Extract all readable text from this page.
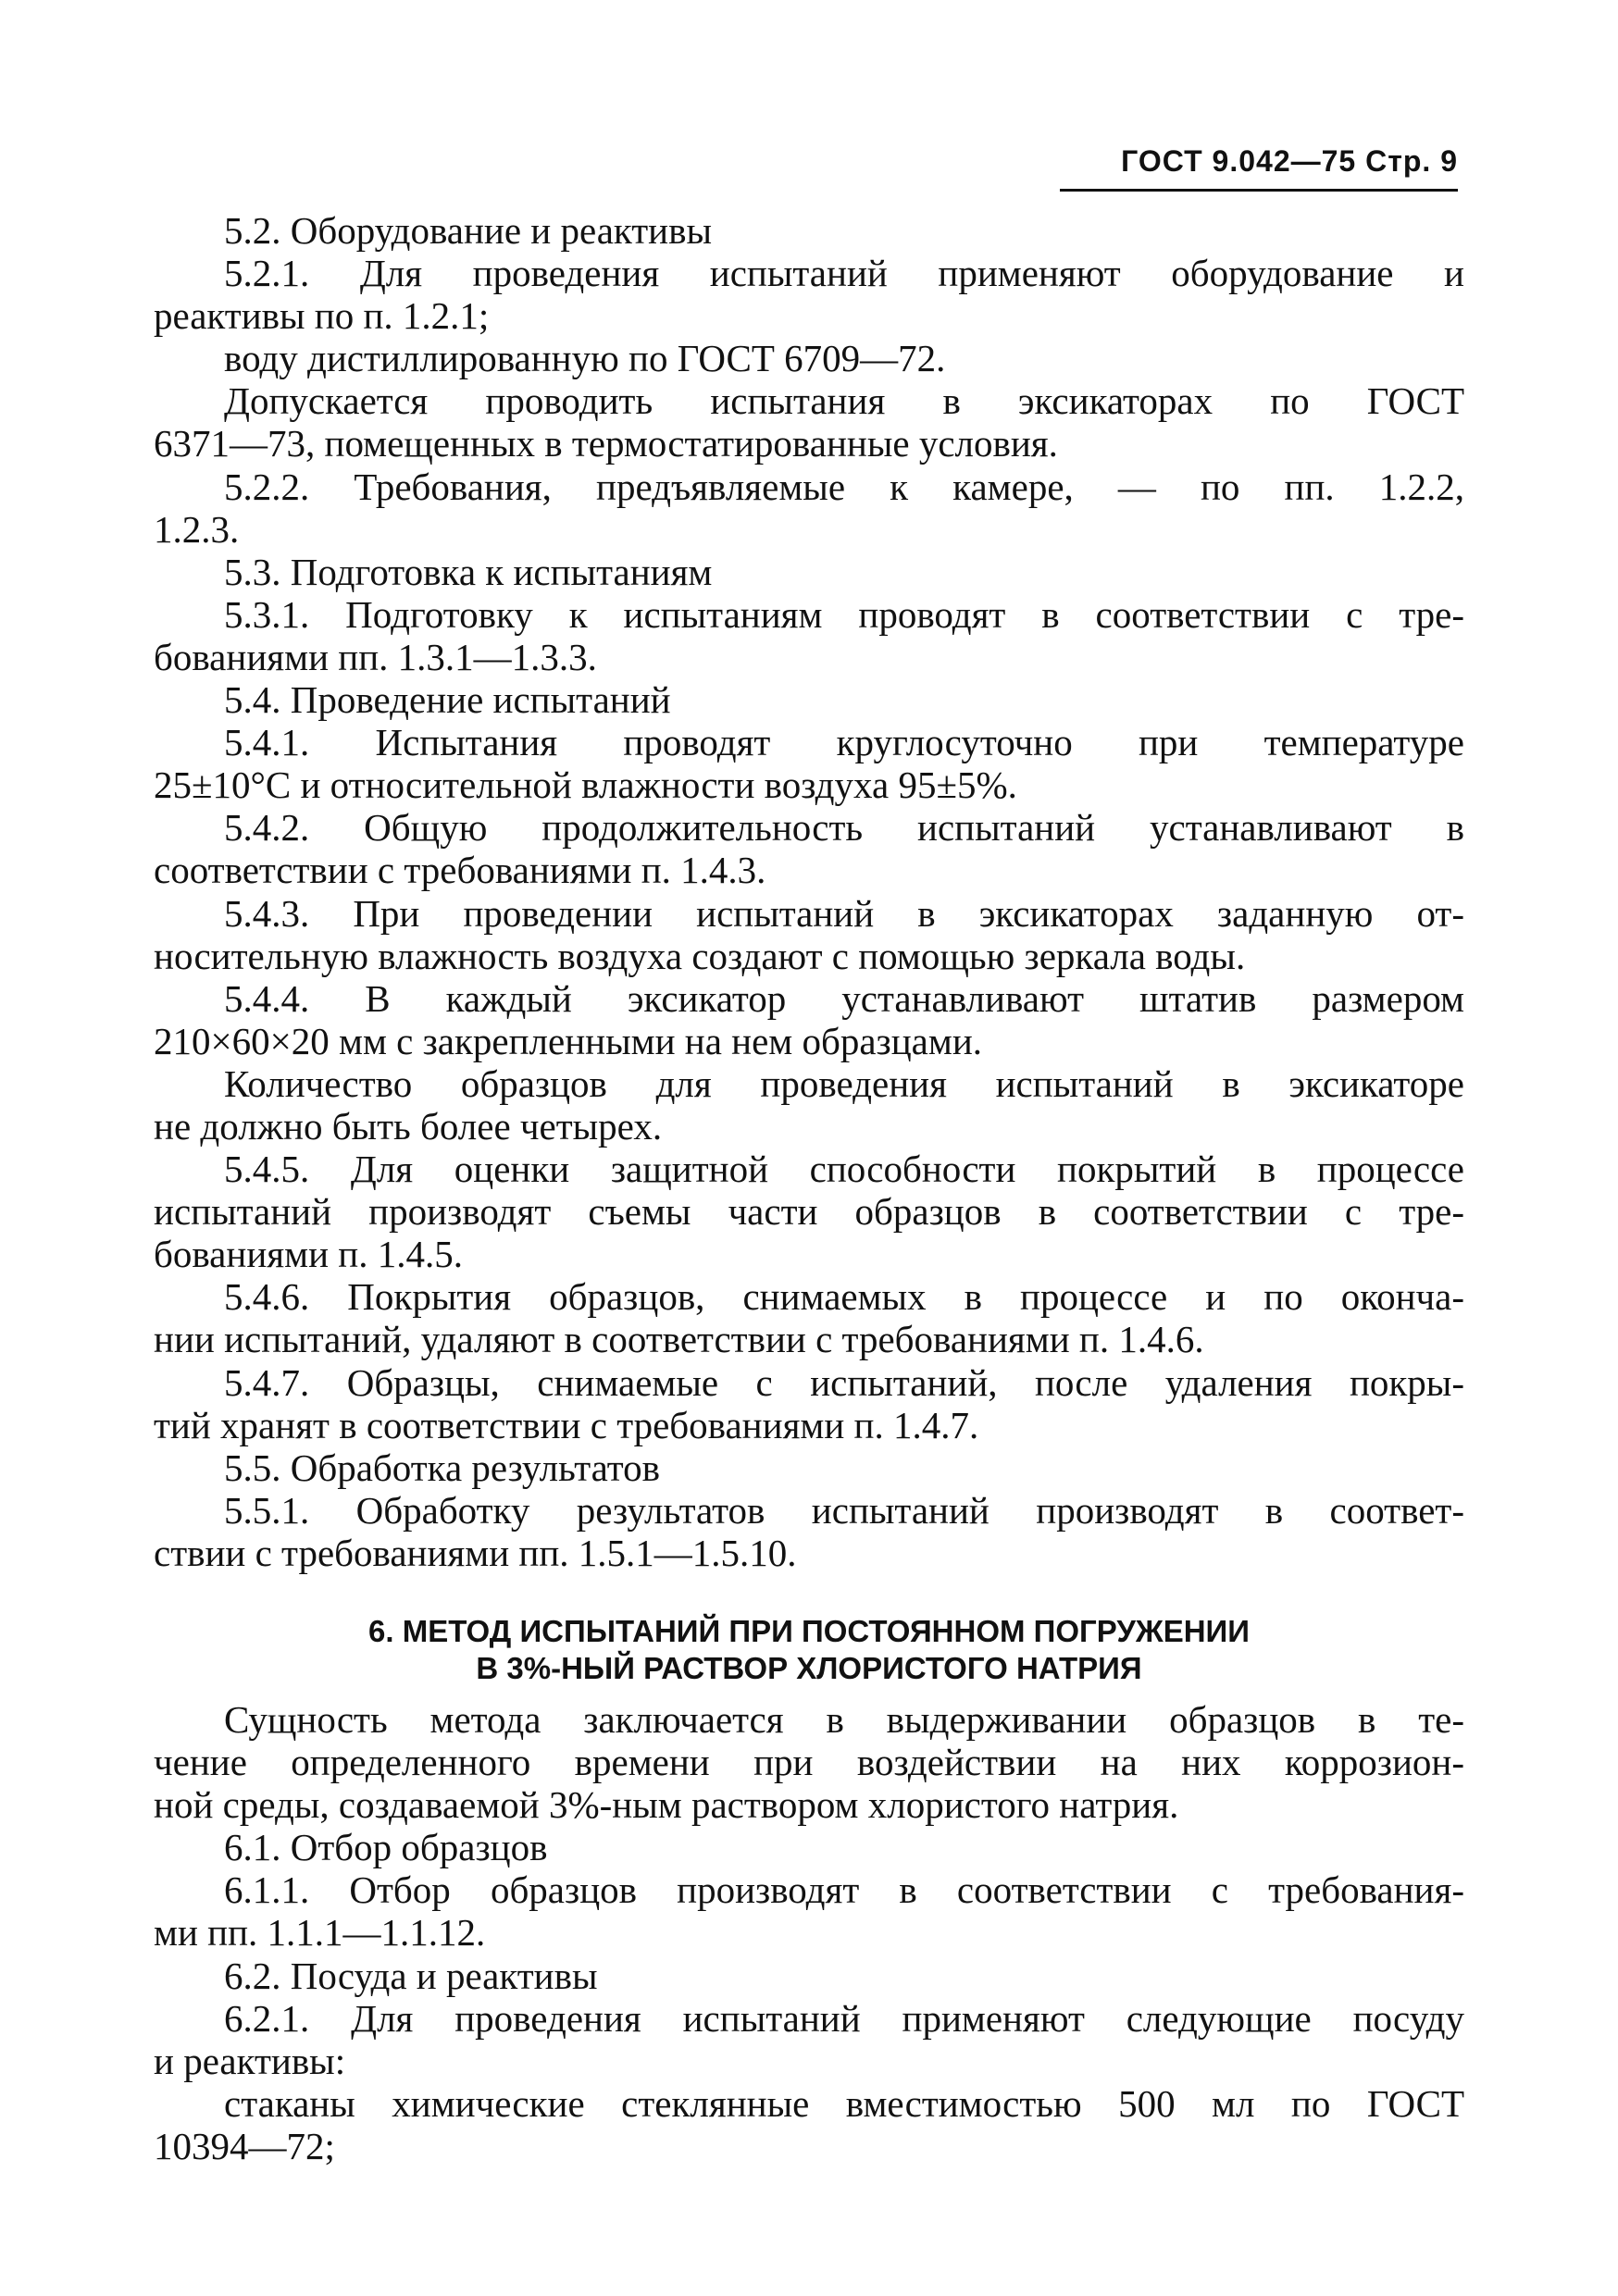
ГОСТ 9.042—75 Стр. 9

5.2. Оборудование и реактивы

5.2.1. Для проведения испытаний применяют оборудование и

реактивы по п. 1.2.1;

воду дистиллированную по ГОСТ 6709—72.

Допускается проводить испытания в эксикаторах по ГОСТ

6371—73, помещенных в термостатированные условия.

5.2.2. Требования, предъявляемые к камере, — по пп. 1.2.2,

1.2.3.

5.3. Подготовка к испытаниям

5.3.1. Подготовку к испытаниям проводят в соответствии с тре-

бованиями пп. 1.3.1—1.3.3.

5.4. Проведение испытаний

5.4.1. Испытания проводят круглосуточно при температуре

25±10°С и относительной влажности воздуха 95±5%.

5.4.2. Общую продолжительность испытаний устанавливают в

соответствии с требованиями п. 1.4.3.

5.4.3. При проведении испытаний в эксикаторах заданную от-

носительную влажность воздуха создают с помощью зеркала воды.

5.4.4. В каждый эксикатор устанавливают штатив размером

210×60×20 мм с закрепленными на нем образцами.

Количество образцов для проведения испытаний в эксикаторе

не должно быть более четырех.

5.4.5. Для оценки защитной способности покрытий в процессе

испытаний производят съемы части образцов в соответствии с тре-

бованиями п. 1.4.5.

5.4.6. Покрытия образцов, снимаемых в процессе и по оконча-

нии испытаний, удаляют в соответствии с требованиями п. 1.4.6.

5.4.7. Образцы, снимаемые с испытаний, после удаления покры-

тий хранят в соответствии с требованиями п. 1.4.7.

5.5. Обработка результатов

5.5.1. Обработку результатов испытаний производят в соответ-

ствии с требованиями пп. 1.5.1—1.5.10.

6. МЕТОД ИСПЫТАНИЙ ПРИ ПОСТОЯННОМ ПОГРУЖЕНИИ
В 3%-НЫЙ РАСТВОР ХЛОРИСТОГО НАТРИЯ

Сущность метода заключается в выдерживании образцов в те-

чение определенного времени при воздействии на них коррозион-

ной среды, создаваемой 3%-ным раствором хлористого натрия.

6.1. Отбор образцов

6.1.1. Отбор образцов производят в соответствии с требования-

ми пп. 1.1.1—1.1.12.

6.2. Посуда и реактивы

6.2.1. Для проведения испытаний применяют следующие посуду

и реактивы:

стаканы химические стеклянные вместимостью 500 мл по ГОСТ

10394—72;
